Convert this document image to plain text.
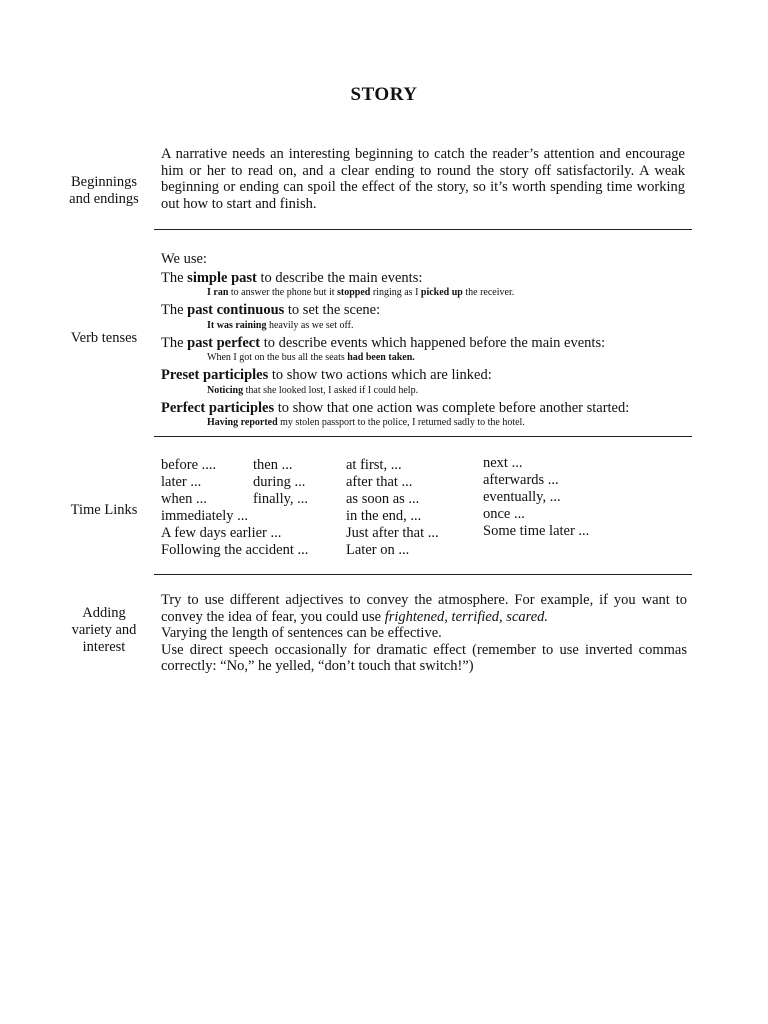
STORY
Beginnings
and endings
A narrative needs an interesting beginning to catch the reader’s attention and encourage him or her to read on, and a clear ending to round the story off satisfactorily. A weak beginning or ending can spoil the effect of the story, so it’s worth spending time working out how to start and finish.
Verb tenses
We use:
The simple past to describe the main events:
I ran to answer the phone but it stopped ringing as I picked up the receiver.
The past continuous to set the scene:
It was raining heavily as we set off.
The past perfect to describe events which happened before the main events:
When I got on the bus all the seats had been taken.
Preset participles to show two actions which are linked:
Noticing that she looked lost, I asked if I could help.
Perfect participles to show that one action was complete before another started:
Having reported my stolen passport to the police, I returned sadly to the hotel.
Time Links
before ....
later ...
when ...
immediately ...
A few days earlier ...
Following the accident ...
then ...
during ...
finally, ...
at first, ...
after that ...
as soon as ...
in the end, ...
Just after that ...
Later on ...
next ...
afterwards ...
eventually, ...
once ...
Some time later ...
Adding
variety and
interest
Try to use different adjectives to convey the atmosphere. For example, if you want to convey the idea of fear, you could use frightened, terrified, scared.
Varying the length of sentences can be effective.
Use direct speech occasionally for dramatic effect (remember to use inverted commas correctly: “No,” he yelled, “don’t touch that switch!”)
